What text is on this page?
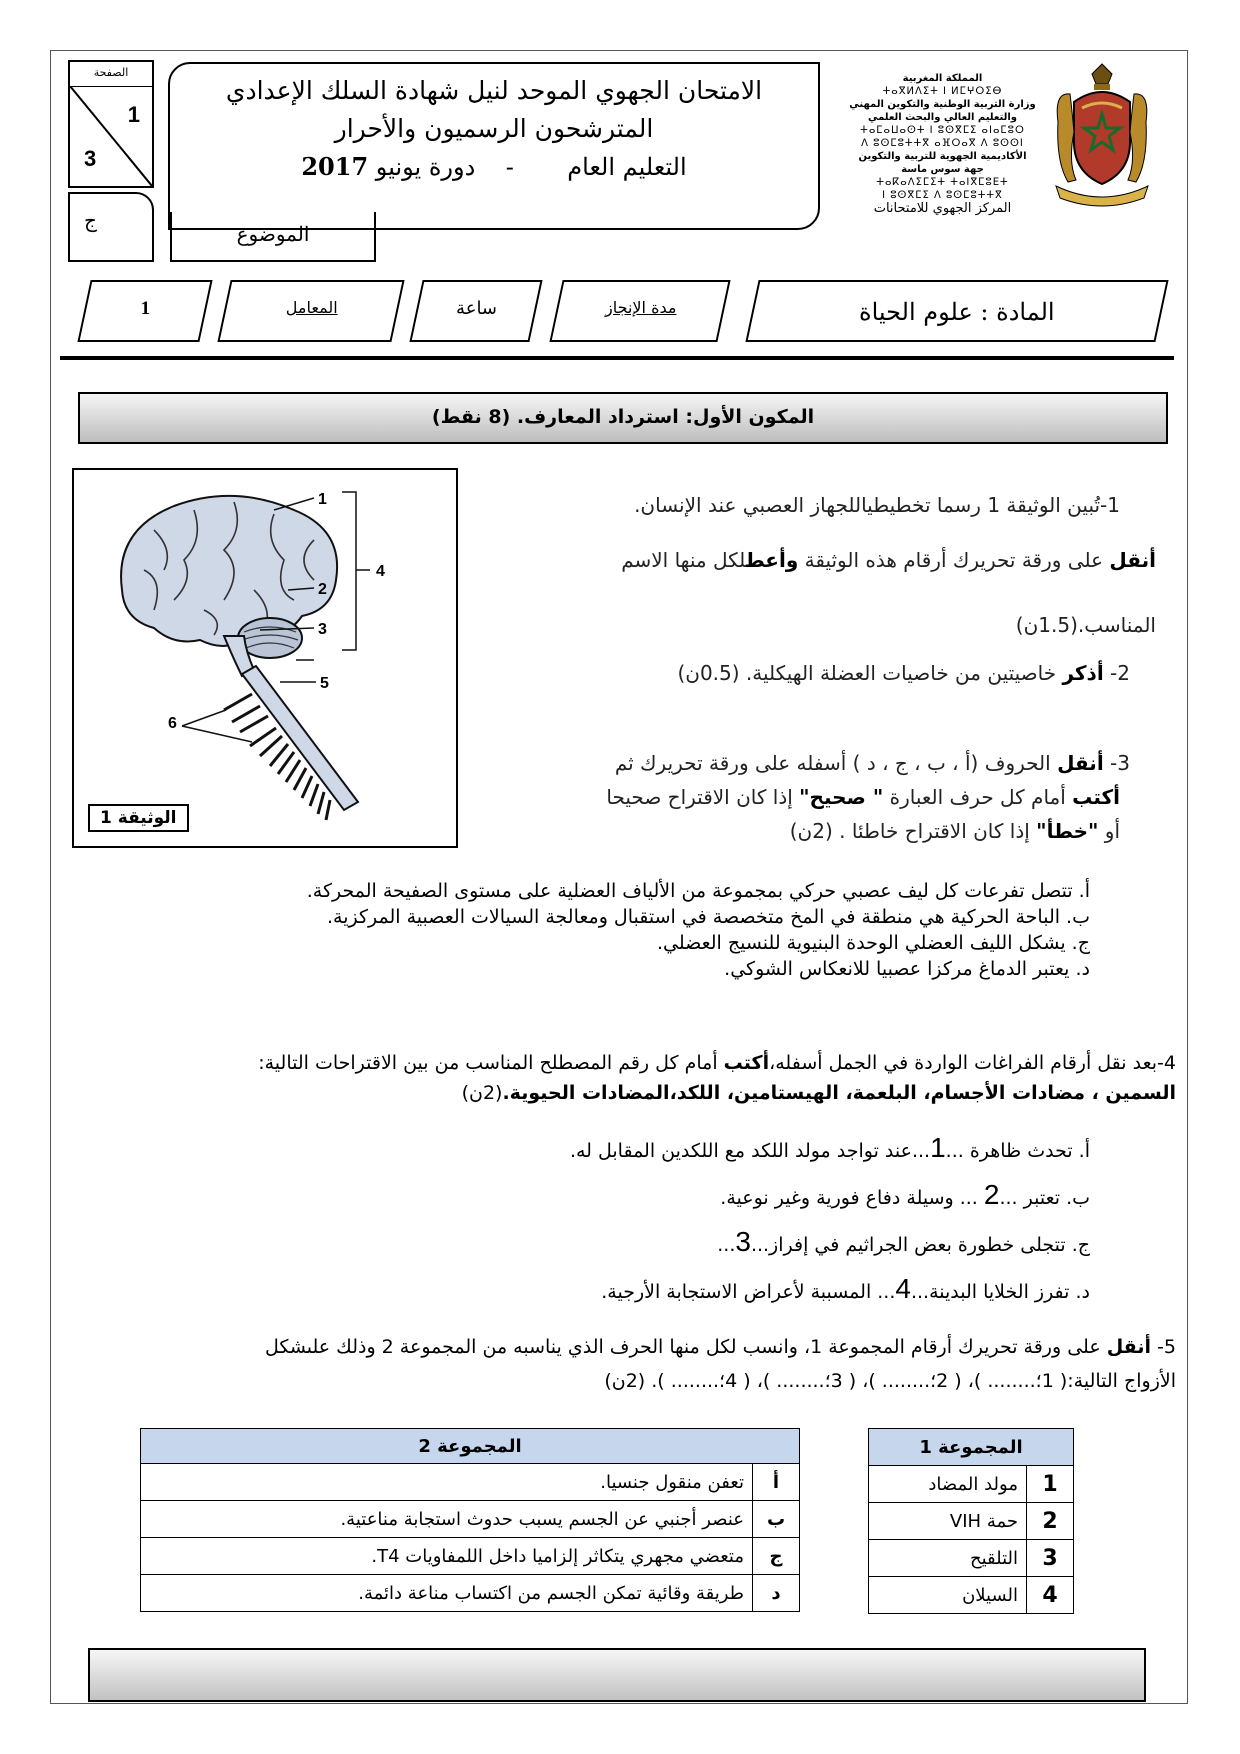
الصفحة
1
3
ج
الامتحان الجهوي الموحد لنيل شهادة السلك الإعدادي
المترشحون الرسميون والأحرار
التعليم العام       -    دورة يونيو 2017
الموضوع
المملكة المغربية
ⵜⴰⴳⵍⴷⵉⵜ ⵏ ⵍⵎⵖⵔⵉⴱ
وزارة التربية الوطنية والتكوين المهني
والتعليم العالي والبحث العلمي
ⵜⴰⵎⴰⵡⴰⵙⵜ ⵏ ⵓⵙⴳⵎⵉ ⴰⵏⴰⵎⵓⵔ
ⴷ ⵓⵙⵎⵓⵜⵜⴳ ⴰⴼⵔⴰⴳ ⴷ ⵓⵙⵙⵏ
الأكاديمية الجهوية للتربية والتكوين
جهة سوس ماسة
ⵜⴰⴽⴰⴷⵉⵎⵉⵜ ⵜⴰⵏⴳⵎⵓⴹⵜ
ⵏ ⵓⵙⴳⵎⵉ ⴷ ⵓⵙⵎⵓⵜⵜⴳ
المركز الجهوي للامتحانات
المادة : علوم الحياة
مدة الإنجاز
ساعة
المعامل
1
المكون الأول: استرداد المعارف. (8 نقط)
1
2
3
4
5
6
الوثيقة 1
1-تُبين الوثيقة 1 رسما تخطيطياللجهاز العصبي عند الإنسان.
أنقل على ورقة تحريرك أرقام هذه الوثيقة وأعطلكل منها الاسم
المناسب.(1.5ن)
2- أذكر خاصيتين من خاصيات العضلة الهيكلية. (0.5ن)
3- أنقل الحروف (أ ، ب ، ج ، د ) أسفله على ورقة تحريرك ثم
أكتب أمام كل حرف العبارة " صحيح" إذا كان الاقتراح صحيحا
أو "خطأ" إذا كان الاقتراح خاطئا . (2ن)
أ. تتصل تفرعات كل ليف عصبي حركي بمجموعة من الألياف العضلية على مستوى الصفيحة المحركة.
ب. الباحة الحركية هي منطقة في المخ متخصصة في استقبال ومعالجة السيالات العصبية المركزية.
ج. يشكل الليف العضلي الوحدة البنيوية للنسيج العضلي.
د. يعتبر الدماغ مركزا عصبيا للانعكاس الشوكي.
4-بعد نقل أرقام الفراغات الواردة في الجمل أسفله،أكتب أمام كل رقم المصطلح المناسب من بين الاقتراحات التالية:
السمين ، مضادات الأجسام، البلعمة، الهيستامين، اللكد،المضادات الحيوية.(2ن)
أ. تحدث ظاهرة ...1...عند تواجد مولد اللكد مع اللكدين المقابل له.
ب. تعتبر ...2 ... وسيلة دفاع فورية وغير نوعية.
ج. تتجلى خطورة بعض الجراثيم في إفراز...3...
د. تفرز الخلايا البدينة...4... المسببة لأعراض الاستجابة الأرجية.
5- أنقل على ورقة تحريرك أرقام المجموعة 1، وانسب لكل منها الحرف الذي يناسبه من المجموعة 2 وذلك علىشكل
الأزواج التالية:( 1؛........ )، ( 2؛........ )، ( 3؛........ )، ( 4؛........ ). (2ن)
المجموعة 1	
1	مولد المضاد
2	حمة VIH
3	التلقيح
4	السيلان
المجموعة 2	
أ	تعفن منقول جنسيا.
ب	عنصر أجنبي عن الجسم يسبب حدوث استجابة مناعتية.
ج	متعضي مجهري يتكاثر إلزاميا داخل اللمفاويات T4.
د	طريقة وقائية تمكن الجسم من اكتساب مناعة دائمة.
